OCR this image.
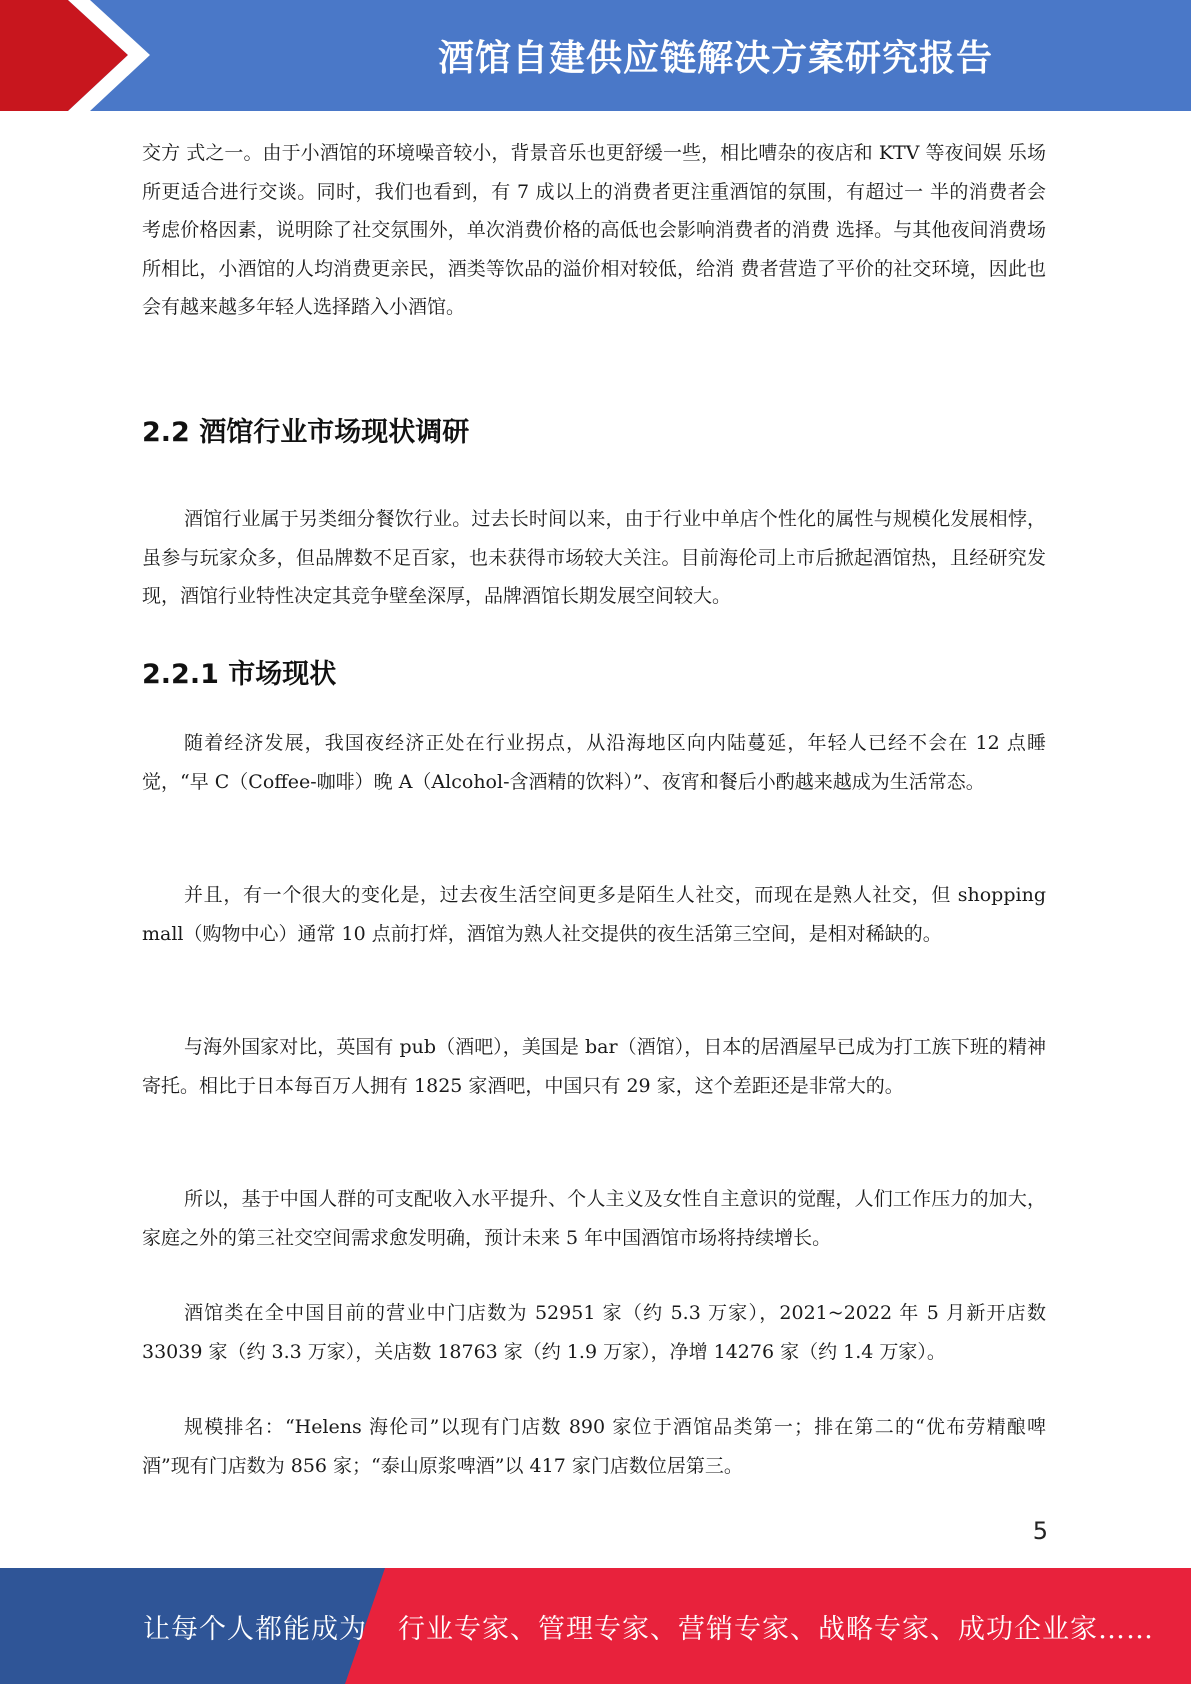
酒馆自建供应链解决方案研究报告

交方 式之一。由于小酒馆的环境噪音较小，背景音乐也更舒缓一些，相比嘈杂的夜店和 KTV 等夜间娱 乐场所更适合进行交谈。同时，我们也看到，有 7 成以上的消费者更注重酒馆的氛围，有超过一 半的消费者会考虑价格因素，说明除了社交氛围外，单次消费价格的高低也会影响消费者的消费 选择。与其他夜间消费场所相比，小酒馆的人均消费更亲民，酒类等饮品的溢价相对较低，给消 费者营造了平价的社交环境，因此也会有越来越多年轻人选择踏入小酒馆。

2.2 酒馆行业市场现状调研

酒馆行业属于另类细分餐饮行业。过去长时间以来，由于行业中单店个性化的属性与规模化发展相悖，虽参与玩家众多，但品牌数不足百家，也未获得市场较大关注。目前海伦司上市后掀起酒馆热，且经研究发现，酒馆行业特性决定其竞争壁垒深厚，品牌酒馆长期发展空间较大。

2.2.1 市场现状

随着经济发展，我国夜经济正处在行业拐点，从沿海地区向内陆蔓延，年轻人已经不会在 12 点睡觉，“早 C（Coffee-咖啡）晚 A（Alcohol-含酒精的饮料）”、夜宵和餐后小酌越来越成为生活常态。

并且，有一个很大的变化是，过去夜生活空间更多是陌生人社交，而现在是熟人社交，但 shopping mall（购物中心）通常 10 点前打烊，酒馆为熟人社交提供的夜生活第三空间，是相对稀缺的。

与海外国家对比，英国有 pub（酒吧），美国是 bar（酒馆），日本的居酒屋早已成为打工族下班的精神寄托。相比于日本每百万人拥有 1825 家酒吧，中国只有 29 家，这个差距还是非常大的。

所以，基于中国人群的可支配收入水平提升、个人主义及女性自主意识的觉醒，人们工作压力的加大，家庭之外的第三社交空间需求愈发明确，预计未来 5 年中国酒馆市场将持续增长。

酒馆类在全中国目前的营业中门店数为 52951 家（约 5.3 万家），2021~2022 年 5 月新开店数 33039 家（约 3.3 万家），关店数 18763 家（约 1.9 万家），净增 14276 家（约 1.4 万家）。

规模排名：“Helens 海伦司”以现有门店数 890 家位于酒馆品类第一；排在第二的“优布劳精酿啤酒”现有门店数为 856 家；“泰山原浆啤酒”以 417 家门店数位居第三。

5
让每个人都能成为 行业专家、管理专家、营销专家、战略专家、成功企业家……
